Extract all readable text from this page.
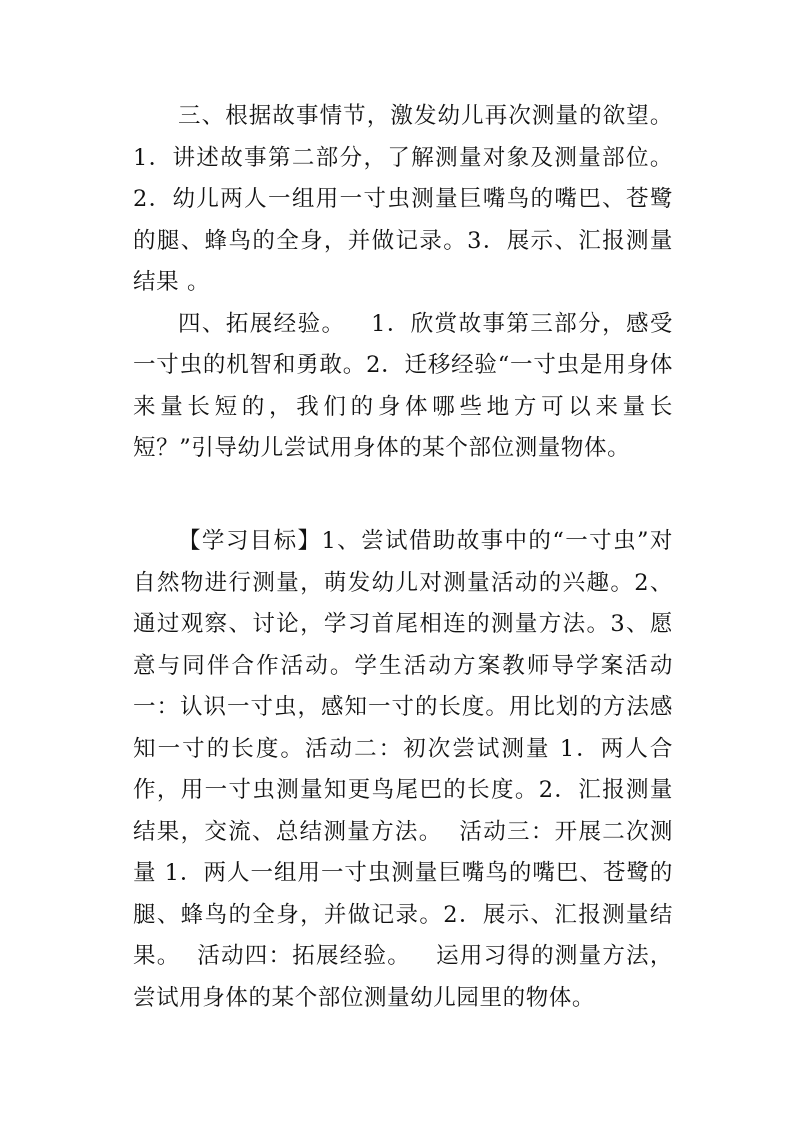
三、根据故事情节，激发幼儿再次测量的欲望。1．讲述故事第二部分，了解测量对象及测量部位。2．幼儿两人一组用一寸虫测量巨嘴鸟的嘴巴、苍鹭的腿、蜂鸟的全身，并做记录。3．展示、汇报测量结果 。

四、拓展经验。   1．欣赏故事第三部分，感受一寸虫的机智和勇敢。2．迁移经验“一寸虫是用身体来量长短的，我们的身体哪些地方可以来量长短？”引导幼儿尝试用身体的某个部位测量物体。

【学习目标】1、尝试借助故事中的“一寸虫”对自然物进行测量，萌发幼儿对测量活动的兴趣。2、通过观察、讨论，学习首尾相连的测量方法。3、愿意与同伴合作活动。学生活动方案教师导学案活动一：认识一寸虫，感知一寸的长度。用比划的方法感知一寸的长度。活动二：初次尝试测量 1．两人合作，用一寸虫测量知更鸟尾巴的长度。2．汇报测量结果，交流、总结测量方法。  活动三：开展二次测量 1．两人一组用一寸虫测量巨嘴鸟的嘴巴、苍鹭的腿、蜂鸟的全身，并做记录。2．展示、汇报测量结果。  活动四：拓展经验。   运用习得的测量方法，尝试用身体的某个部位测量幼儿园里的物体。
